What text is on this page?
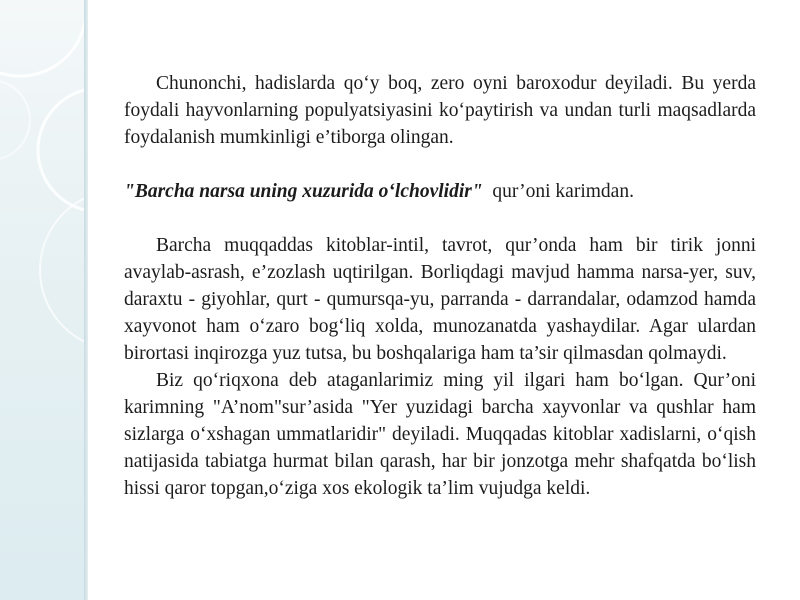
Chunonchi, hadislarda qo‘y boq, zero oyni baroxodur deyiladi. Bu yerda foydali hayvonlarning populyatsiyasini ko‘paytirish va undan turli maqsadlarda foydalanish mumkinligi e’tiborga olingan.

"Barcha narsa uning xuzurida o‘lchovlidir" qur’oni karimdan.

Barcha muqqaddas kitoblar-intil, tavrot, qur’onda ham bir tirik jonni avaylab-asrash, e’zozlash uqtirilgan. Borliqdagi mavjud hamma narsa-yer, suv, daraxtu - giyohlar, qurt - qumursqa-yu, parranda - darrandalar, odamzod hamda xayvonot ham o‘zaro bog‘liq xolda, munozanatda yashaydilar. Agar ulardan birortasi inqirozga yuz tutsa, bu boshqalariga ham ta’sir qilmasdan qolmaydi.

Biz qo‘riqxona deb ataganlarimiz ming yil ilgari ham bo‘lgan. Qur’oni karimning "A’nom"sur’asida "Yer yuzidagi barcha xayvonlar va qushlar ham sizlarga o‘xshagan ummatlaridir" deyiladi. Muqqadas kitoblar xadislarni, o‘qish natijasida tabiatga hurmat bilan qarash, har bir jonzotga mehr shafqatda bo‘lish hissi qaror topgan,o‘ziga xos ekologik ta’lim vujudga keldi.
